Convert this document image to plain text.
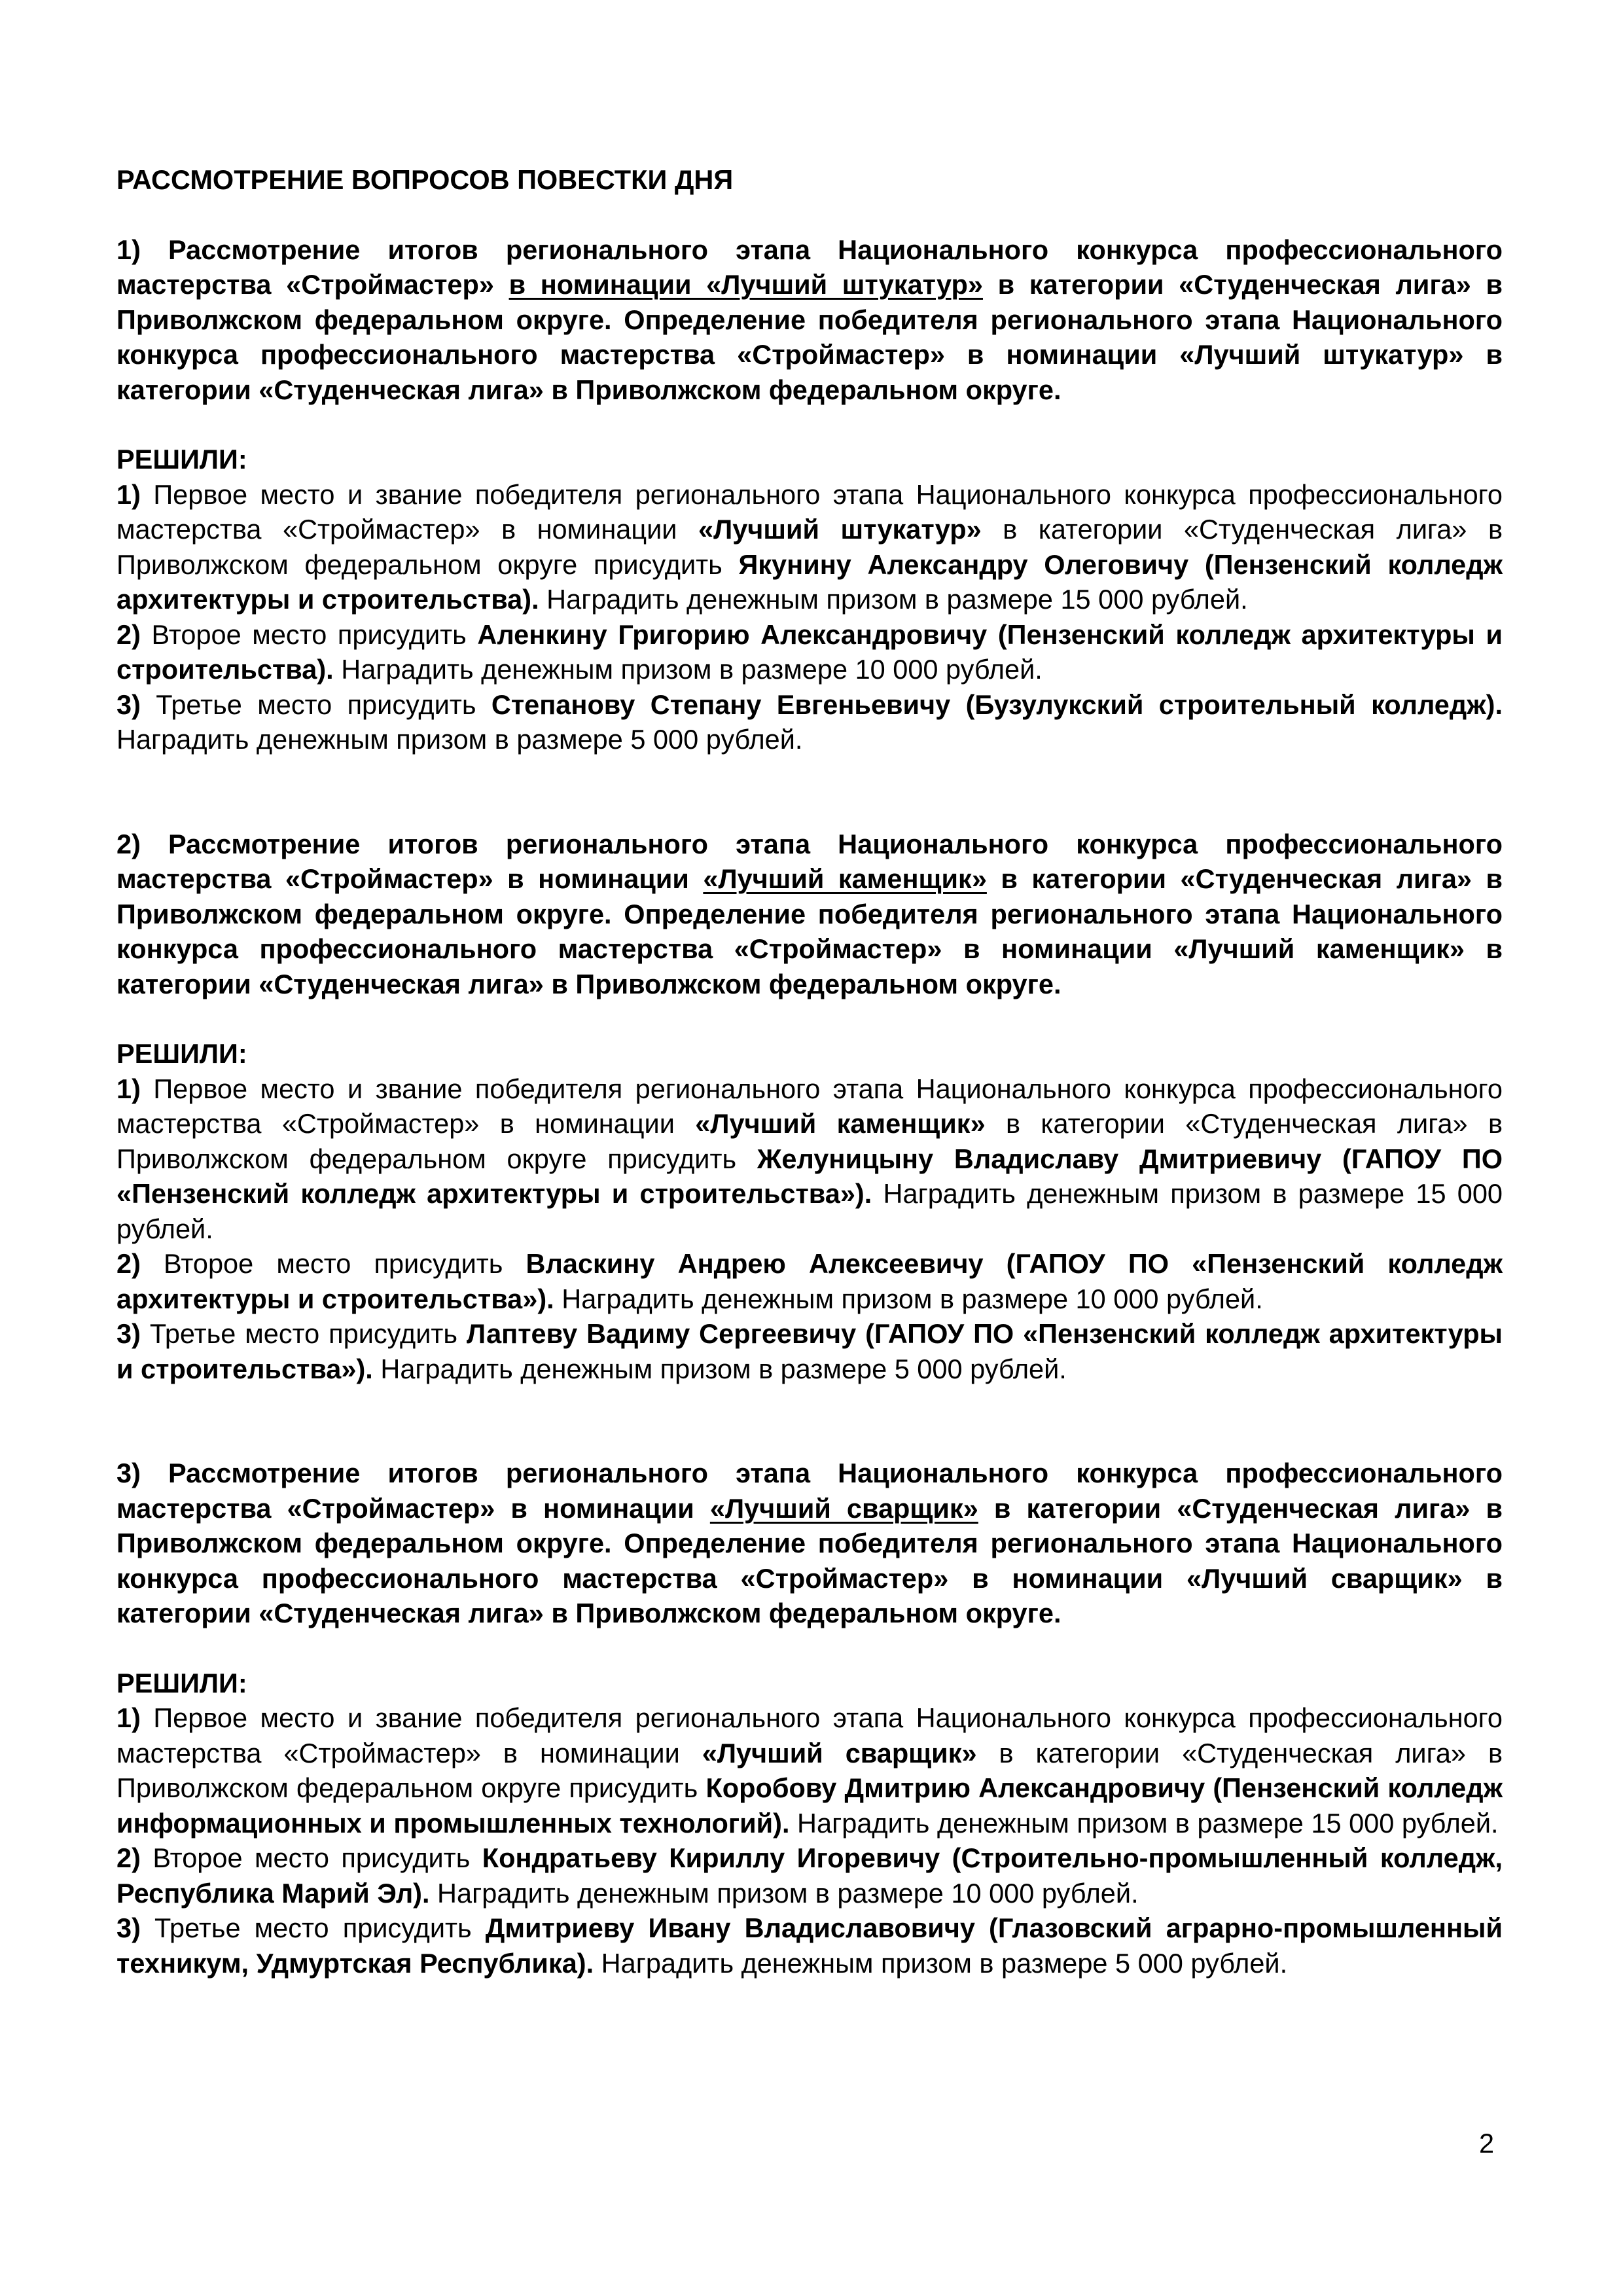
РАССМОТРЕНИЕ ВОПРОСОВ ПОВЕСТКИ ДНЯ

1) Рассмотрение итогов регионального этапа Национального конкурса профессионального мастерства «Строймастер» в номинации «Лучший штукатур» в категории «Студенческая лига» в Приволжском федеральном округе. Определение победителя регионального этапа Национального конкурса профессионального мастерства «Строймастер» в номинации «Лучший штукатур» в категории «Студенческая лига» в Приволжском федеральном округе.

РЕШИЛИ:

1) Первое место и звание победителя регионального этапа Национального конкурса профессионального мастерства «Строймастер» в номинации «Лучший штукатур» в категории «Студенческая лига» в Приволжском федеральном округе присудить Якунину Александру Олеговичу (Пензенский колледж архитектуры и строительства). Наградить денежным призом в размере 15 000 рублей.

2) Второе место присудить Аленкину Григорию Александровичу (Пензенский колледж архитектуры и строительства). Наградить денежным призом в размере 10 000 рублей.

3) Третье место присудить Степанову Степану Евгеньевичу (Бузулукский строительный колледж). Наградить денежным призом в размере 5 000 рублей.

2) Рассмотрение итогов регионального этапа Национального конкурса профессионального мастерства «Строймастер» в номинации «Лучший каменщик» в категории «Студенческая лига» в Приволжском федеральном округе. Определение победителя регионального этапа Национального конкурса профессионального мастерства «Строймастер» в номинации «Лучший каменщик» в категории «Студенческая лига» в Приволжском федеральном округе.

РЕШИЛИ:

1) Первое место и звание победителя регионального этапа Национального конкурса профессионального мастерства «Строймастер» в номинации «Лучший каменщик» в категории «Студенческая лига» в Приволжском федеральном округе присудить Желуницыну Владиславу Дмитриевичу (ГАПОУ ПО «Пензенский колледж архитектуры и строительства»). Наградить денежным призом в размере 15 000 рублей.

2) Второе место присудить Власкину Андрею Алексеевичу (ГАПОУ ПО «Пензенский колледж архитектуры и строительства»). Наградить денежным призом в размере 10 000 рублей.

3) Третье место присудить Лаптеву Вадиму Сергеевичу (ГАПОУ ПО «Пензенский колледж архитектуры и строительства»). Наградить денежным призом в размере 5 000 рублей.

3) Рассмотрение итогов регионального этапа Национального конкурса профессионального мастерства «Строймастер» в номинации «Лучший сварщик» в категории «Студенческая лига» в Приволжском федеральном округе. Определение победителя регионального этапа Национального конкурса профессионального мастерства «Строймастер» в номинации «Лучший сварщик» в категории «Студенческая лига» в Приволжском федеральном округе.

РЕШИЛИ:

1) Первое место и звание победителя регионального этапа Национального конкурса профессионального мастерства «Строймастер» в номинации «Лучший сварщик» в категории «Студенческая лига» в Приволжском федеральном округе присудить Коробову Дмитрию Александровичу (Пензенский колледж информационных и промышленных технологий). Наградить денежным призом в размере 15 000 рублей.

2) Второе место присудить Кондратьеву Кириллу Игоревичу (Строительно-промышленный колледж, Республика Марий Эл). Наградить денежным призом в размере 10 000 рублей.

3) Третье место присудить Дмитриеву Ивану Владиславовичу (Глазовский аграрно-промышленный техникум, Удмуртская Республика). Наградить денежным призом в размере 5 000 рублей.

2
